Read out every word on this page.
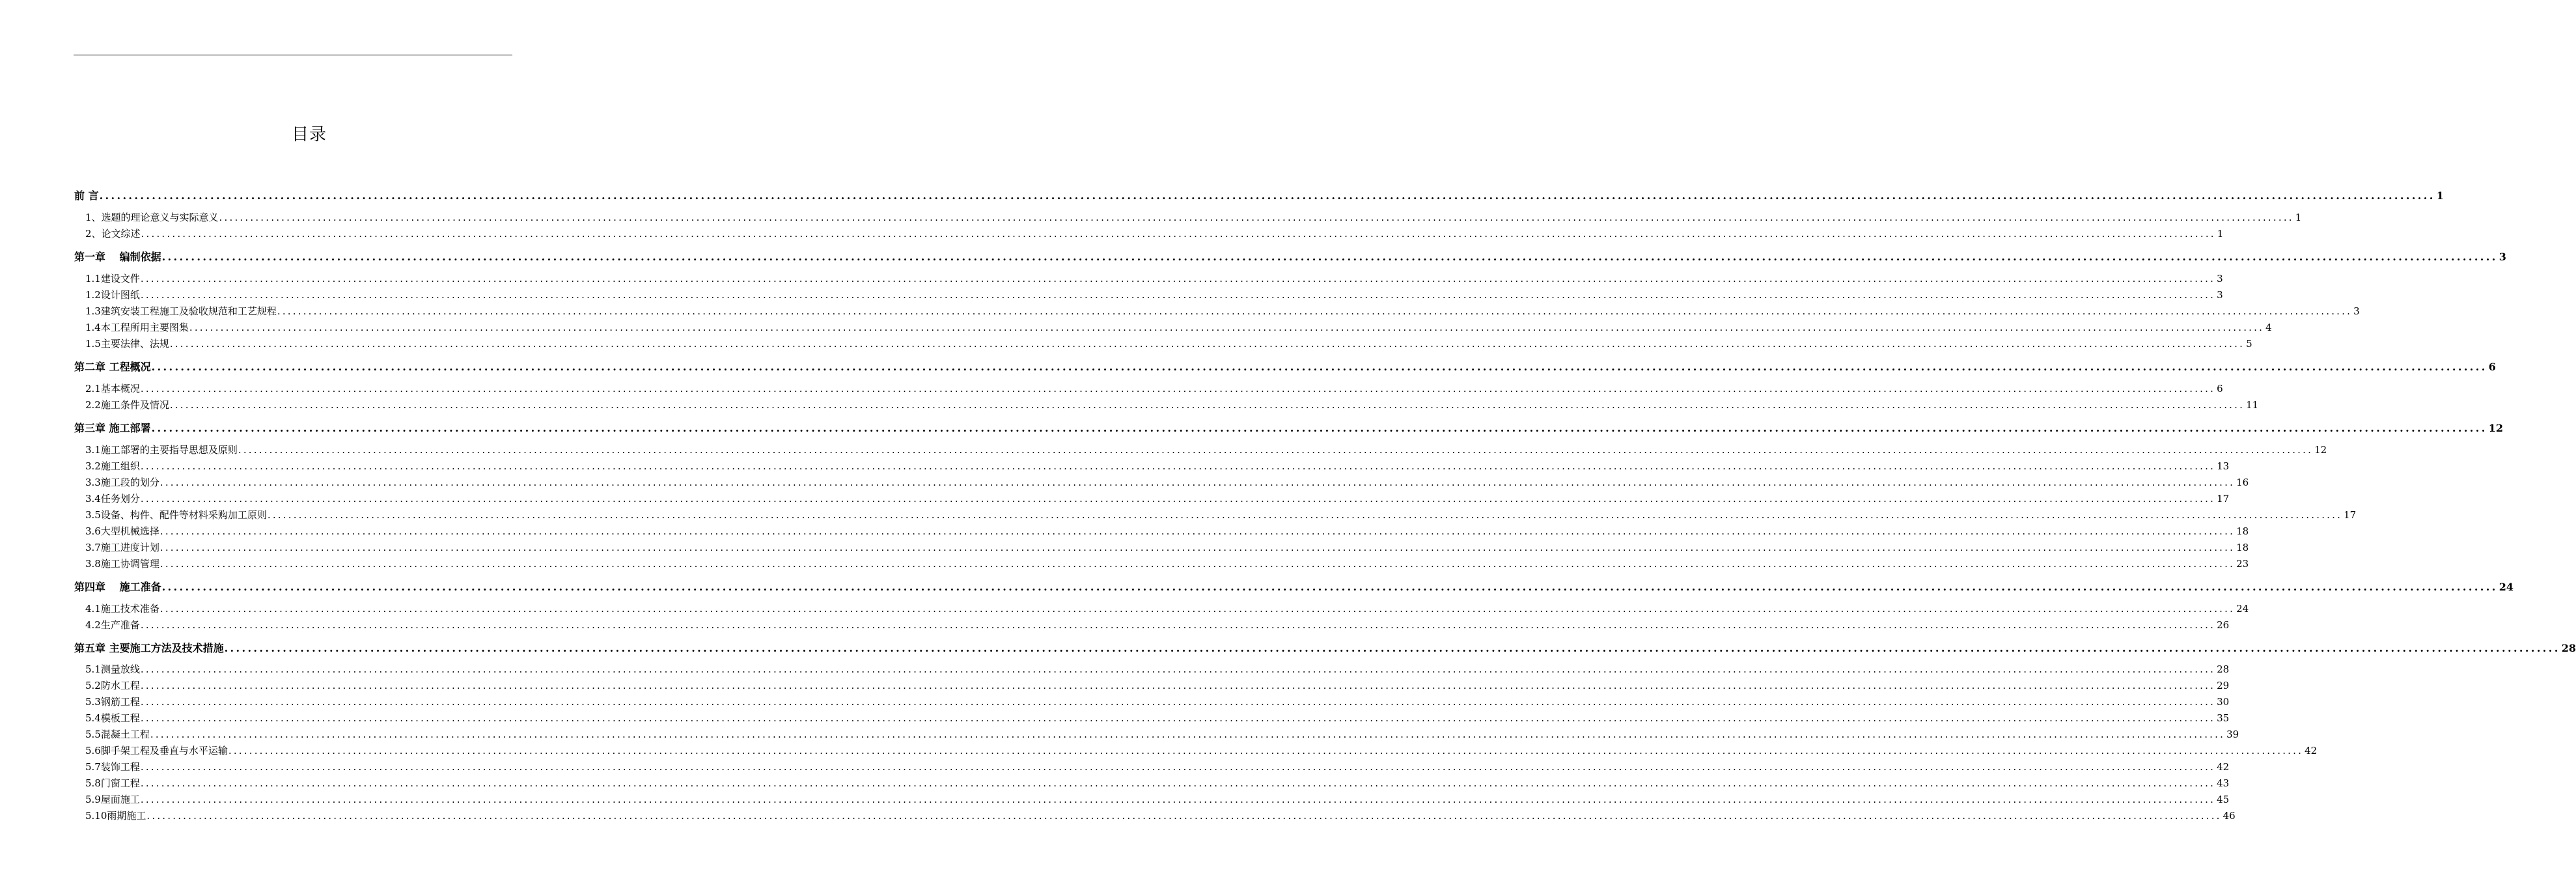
目录
前 言 ................................................................................................................................................................................................................................................................................................................................................................................................................ 1
1、选题的理论意义与实际意义 ................................................................................................................................................................................................................................................................................................................................................................................................................ 1
2、论文综述 ................................................................................................................................................................................................................................................................................................................................................................................................................ 1
第一章　 编制依据 ................................................................................................................................................................................................................................................................................................................................................................................................................ 3
1.1建设文件 ................................................................................................................................................................................................................................................................................................................................................................................................................ 3
1.2设计图纸 ................................................................................................................................................................................................................................................................................................................................................................................................................ 3
1.3建筑安装工程施工及验收规范和工艺规程 ................................................................................................................................................................................................................................................................................................................................................................................................................ 3
1.4本工程所用主要图集 ................................................................................................................................................................................................................................................................................................................................................................................................................ 4
1.5主要法律、法规 ................................................................................................................................................................................................................................................................................................................................................................................................................ 5
第二章 工程概况 ................................................................................................................................................................................................................................................................................................................................................................................................................ 6
2.1基本概况 ................................................................................................................................................................................................................................................................................................................................................................................................................ 6
2.2施工条件及情况 ................................................................................................................................................................................................................................................................................................................................................................................................................ 11
第三章 施工部署 ................................................................................................................................................................................................................................................................................................................................................................................................................ 12
3.1施工部署的主要指导思想及原则 ................................................................................................................................................................................................................................................................................................................................................................................................................ 12
3.2施工组织 ................................................................................................................................................................................................................................................................................................................................................................................................................ 13
3.3施工段的划分 ................................................................................................................................................................................................................................................................................................................................................................................................................ 16
3.4任务划分 ................................................................................................................................................................................................................................................................................................................................................................................................................ 17
3.5设备、构件、配件等材料采购加工原则 ................................................................................................................................................................................................................................................................................................................................................................................................................ 17
3.6大型机械选择 ................................................................................................................................................................................................................................................................................................................................................................................................................ 18
3.7施工进度计划 ................................................................................................................................................................................................................................................................................................................................................................................................................ 18
3.8施工协调管理 ................................................................................................................................................................................................................................................................................................................................................................................................................ 23
第四章　 施工准备 ................................................................................................................................................................................................................................................................................................................................................................................................................ 24
4.1施工技术准备 ................................................................................................................................................................................................................................................................................................................................................................................................................ 24
4.2生产准备 ................................................................................................................................................................................................................................................................................................................................................................................................................ 26
第五章 主要施工方法及技术措施 ................................................................................................................................................................................................................................................................................................................................................................................................................ 28
5.1测量放线 ................................................................................................................................................................................................................................................................................................................................................................................................................ 28
5.2防水工程 ................................................................................................................................................................................................................................................................................................................................................................................................................ 29
5.3钢筋工程 ................................................................................................................................................................................................................................................................................................................................................................................................................ 30
5.4模板工程 ................................................................................................................................................................................................................................................................................................................................................................................................................ 35
5.5混凝土工程 ................................................................................................................................................................................................................................................................................................................................................................................................................ 39
5.6脚手架工程及垂直与水平运输 ................................................................................................................................................................................................................................................................................................................................................................................................................ 42
5.7装饰工程 ................................................................................................................................................................................................................................................................................................................................................................................................................ 42
5.8门窗工程 ................................................................................................................................................................................................................................................................................................................................................................................................................ 43
5.9屋面施工 ................................................................................................................................................................................................................................................................................................................................................................................................................ 45
5.10雨期施工 ................................................................................................................................................................................................................................................................................................................................................................................................................ 46
